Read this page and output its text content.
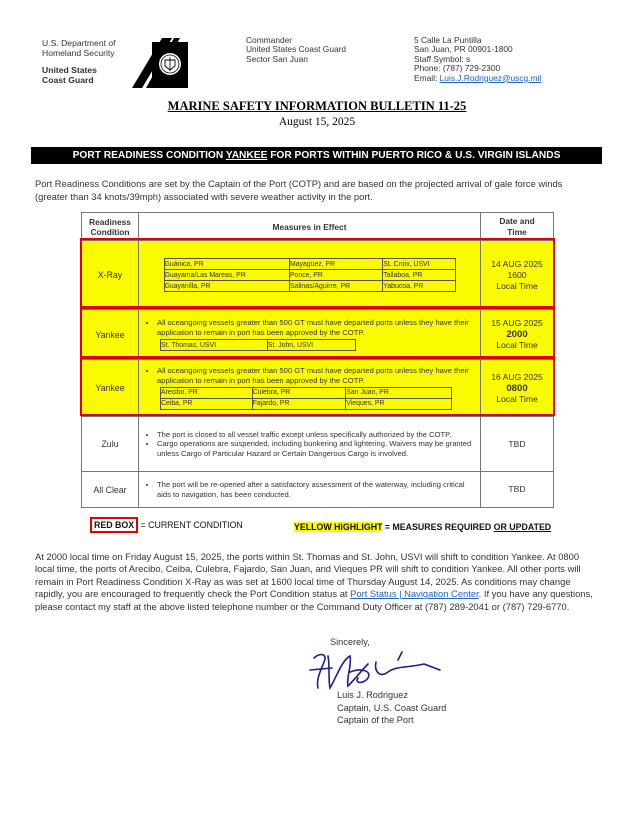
U.S. Department of
Homeland Security
United States
Coast Guard
Commander
United States Coast Guard
Sector San Juan
5 Calle La Puntilla
San Juan, PR 00901-1800
Staff Symbol: s
Phone: (787) 729-2300
Email: Luis.J.Rodriguez@uscg.mil
MARINE SAFETY INFORMATION BULLETIN 11-25
August 15, 2025
PORT READINESS CONDITION YANKEE FOR PORTS WITHIN PUERTO RICO & U.S. VIRGIN ISLANDS
Port Readiness Conditions are set by the Captain of the Port (COTP) and are based on the projected arrival of gale force winds (greater than 34 knots/39mph) associated with severe weather activity in the port.
Readiness
Condition	Measures in Effect	Date and
Time
X-Ray	
Guánica, PR	Mayagüez, PR	St. Croix, USVI
Guayama/Las Mareas, PR	Ponce, PR	Tallaboa, PR
Guayanilla, PR	Salinas/Aguirre, PR	Yabucoa, PR
	14 AUG 2025
1600
Local Time
Yankee	
• All oceangoing vessels greater than 500 GT must have departed ports unless they have their application to remain in port has been approved by the COTP.
St. Thomas, USVI	St. John, USVI
	15 AUG 2025
2000
Local Time
Yankee	
• All oceangoing vessels greater than 500 GT must have departed ports unless they have their application to remain in port has been approved by the COTP.
Arecibo, PR	Culebra, PR	San Juan, PR
Ceiba, PR	Fajardo, PR	Vieques, PR
	16 AUG 2025
0800
Local Time
Zulu	
• The port is closed to all vessel traffic except unless specifically authorized by the COTP.
• Cargo operations are suspended, including bunkering and lightering. Waivers may be granted unless Cargo of Particular Hazard or Certain Dangerous Cargo is involved.
	TBD
All Clear	
• The port will be re-opened after a satisfactory assessment of the waterway, including critical aids to navigation, has been conducted.	TBD
RED BOX = CURRENT CONDITION	YELLOW HIGHLIGHT = MEASURES REQUIRED OR UPDATED
At 2000 local time on Friday August 15, 2025, the ports within St. Thomas and St. John, USVI will shift to condition Yankee. At 0800 local time, the ports of Arecibo, Ceiba, Culebra, Fajardo, San Juan, and Vieques PR will shift to condition Yankee. All other ports will remain in Port Readiness Condition X-Ray as was set at 1600 local time of Thursday August 14, 2025. As conditions may change rapidly, you are encouraged to frequently check the Port Condition status at Port Status | Navigation Center. If you have any questions, please contact my staff at the above listed telephone number or the Command Duty Officer at (787) 289-2041 or (787) 729-6770.
Sincerely,
Luis J. Rodriguez
Captain, U.S. Coast Guard
Captain of the Port
